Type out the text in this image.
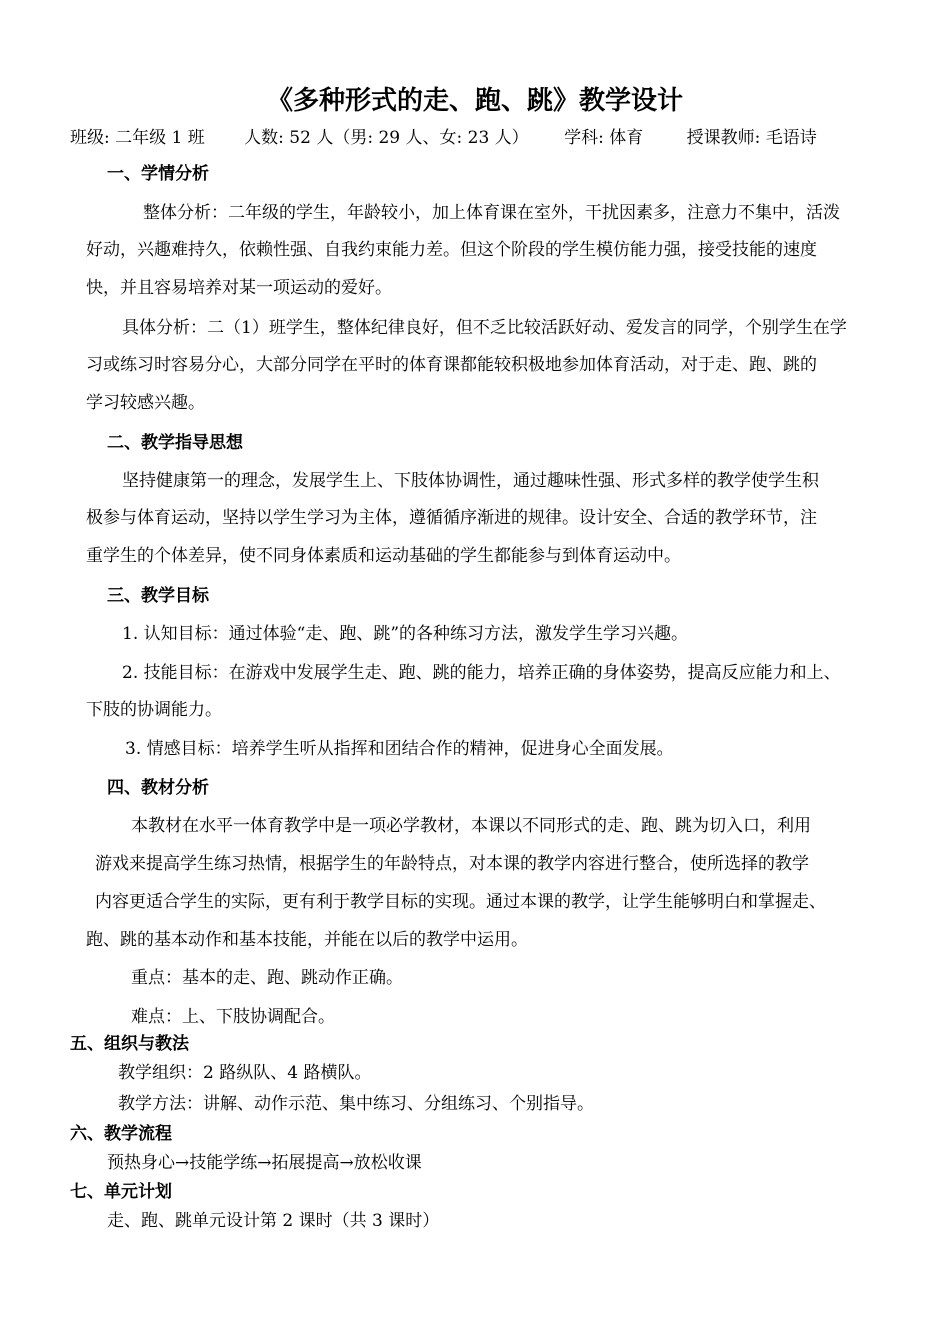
《多种形式的走、跑、跳》教学设计
班级: 二年级 1 班 人数: 52 人（男: 29 人、女: 23 人） 学科: 体育	授课教师: 毛语诗
一、学情分析
整体分析：二年级的学生，年龄较小，加上体育课在室外，干扰因素多，注意力不集中，活泼
好动，兴趣难持久，依赖性强、自我约束能力差。但这个阶段的学生模仿能力强，接受技能的速度
快，并且容易培养对某一项运动的爱好。
具体分析：二（1）班学生，整体纪律良好，但不乏比较活跃好动、爱发言的同学，个别学生在学
习或练习时容易分心，大部分同学在平时的体育课都能较积极地参加体育活动，对于走、跑、跳的
学习较感兴趣。
二、教学指导思想
坚持健康第一的理念，发展学生上、下肢体协调性，通过趣味性强、形式多样的教学使学生积
极参与体育运动，坚持以学生学习为主体，遵循循序渐进的规律。设计安全、合适的教学环节，注
重学生的个体差异，使不同身体素质和运动基础的学生都能参与到体育运动中。
三、教学目标
1. 认知目标：通过体验“走、跑、跳”的各种练习方法，激发学生学习兴趣。
2. 技能目标：在游戏中发展学生走、跑、跳的能力，培养正确的身体姿势，提高反应能力和上、
下肢的协调能力。
3. 情感目标：培养学生听从指挥和团结合作的精神，促进身心全面发展。
四、教材分析
本教材在水平一体育教学中是一项必学教材，本课以不同形式的走、跑、跳为切入口，利用
游戏来提高学生练习热情，根据学生的年龄特点，对本课的教学内容进行整合，使所选择的教学
内容更适合学生的实际，更有利于教学目标的实现。通过本课的教学，让学生能够明白和掌握走、
跑、跳的基本动作和基本技能，并能在以后的教学中运用。
重点：基本的走、跑、跳动作正确。
难点：上、下肢协调配合。
五、组织与教法
教学组织：2 路纵队、4 路横队。
教学方法：讲解、动作示范、集中练习、分组练习、个别指导。
六、教学流程
预热身心→技能学练→拓展提高→放松收课
七、单元计划
走、跑、跳单元设计第 2 课时（共 3 课时）
